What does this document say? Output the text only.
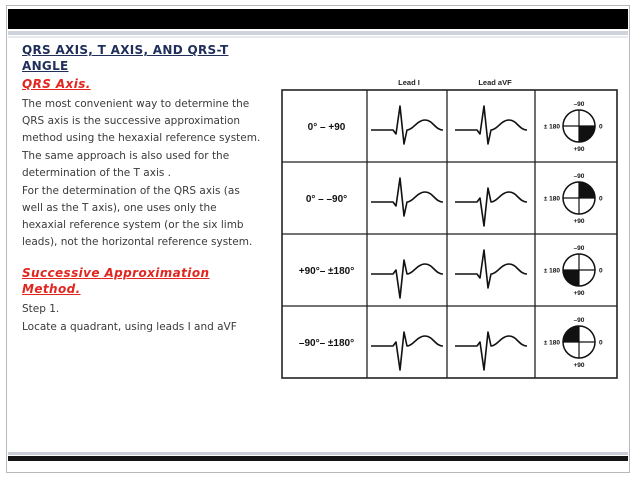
QRS AXIS, T AXIS, AND QRS-T ANGLE
QRS Axis.

The most convenient way to determine the QRS axis is the successive approximation method using the hexaxial reference system.

The same approach is also used for the determination of the T axis .

For the determination of the QRS axis (as well as the T axis), one uses only the hexaxial reference system (or the six limb leads), not the horizontal reference system.

Successive Approximation Method.

Step 1.

Locate a quadrant, using leads I and aVF

Lead I	Lead aVF
0° – +90
–90
+90
± 180	0
0° – –90°
–90
+90
± 180	0
+90°– ±180°
–90
+90
± 180	0
–90°– ±180°
–90
+90
± 180	0
